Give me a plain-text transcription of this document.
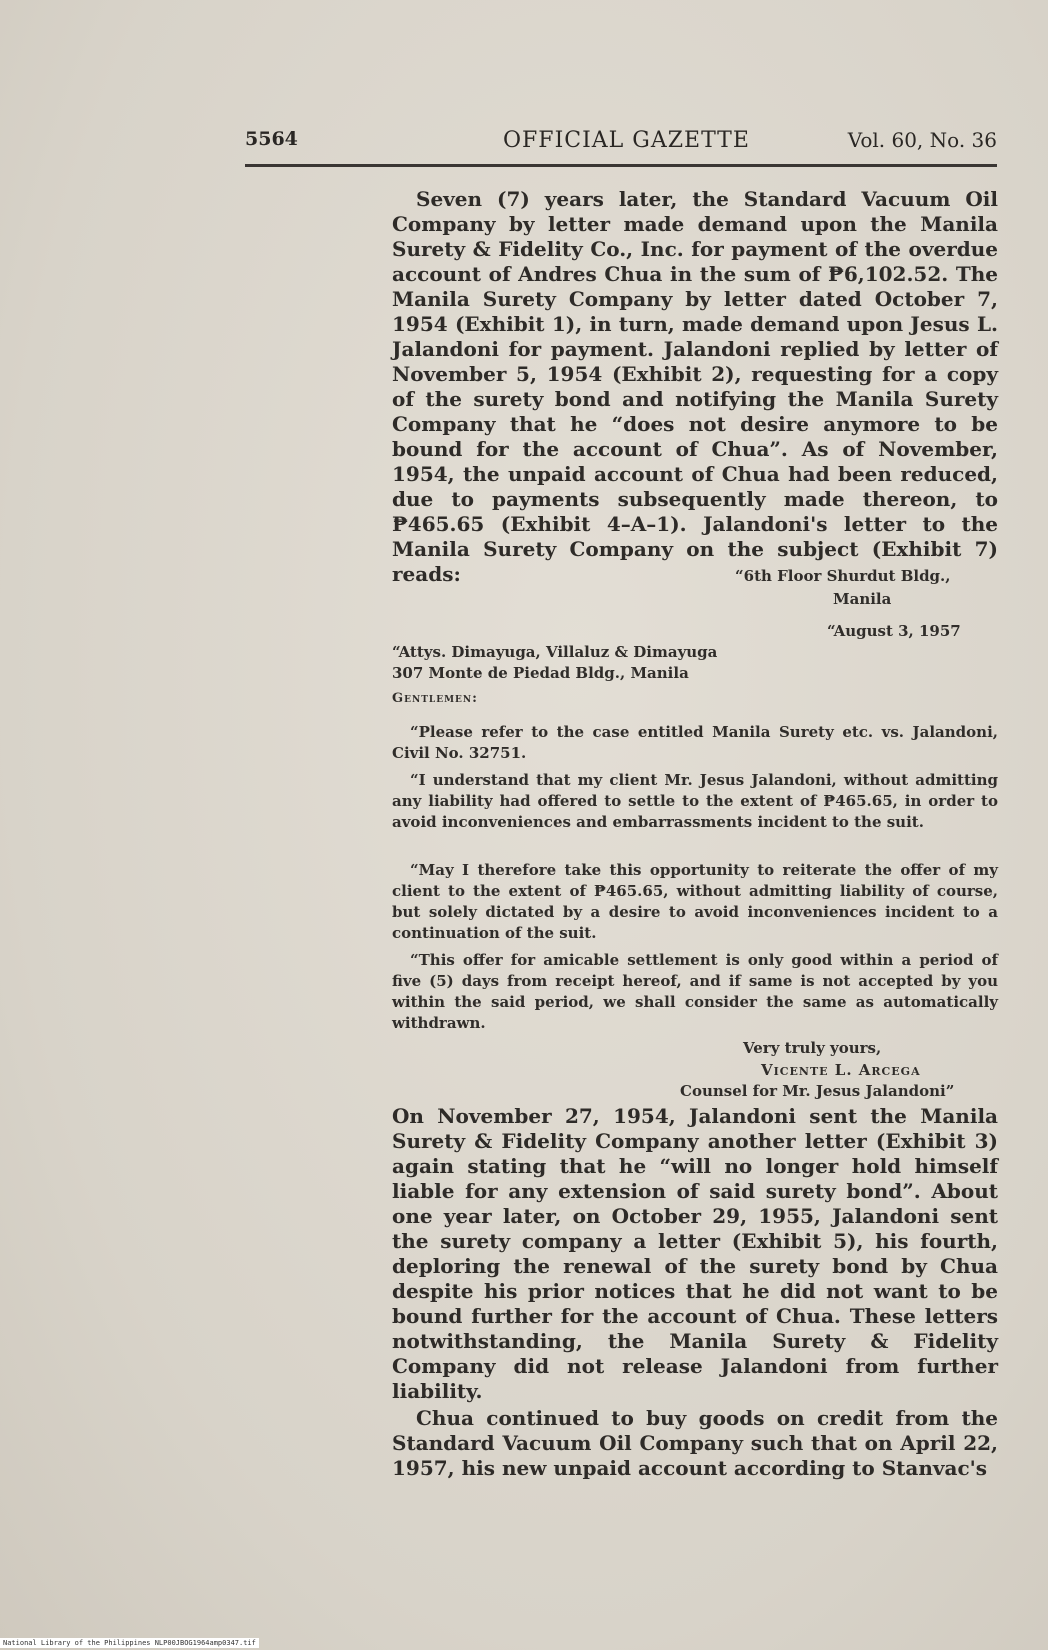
5564	OFFICIAL GAZETTE	Vol. 60, No. 36

Seven (7) years later, the Standard Vacuum Oil Company by letter made demand upon the Manila Surety & Fidelity Co., Inc. for payment of the overdue account of Andres Chua in the sum of ₱6,102.52. The Manila Surety Company by letter dated October 7, 1954 (Exhibit 1), in turn, made demand upon Jesus L. Jalandoni for payment. Jalandoni replied by letter of November 5, 1954 (Exhibit 2), requesting for a copy of the surety bond and notifying the Manila Surety Company that he “does not desire anymore to be bound for the account of Chua”. As of November, 1954, the unpaid account of Chua had been reduced, due to payments subsequently made thereon, to ₱465.65 (Exhibit 4–A–1). Jalandoni's letter to the Manila Surety Company on the subject (Exhibit 7) reads:	“6th Floor Shurdut Bldg.,
Manila
“August 3, 1957
“Attys. Dimayuga, Villaluz & Dimayuga
307 Monte de Piedad Bldg., Manila
Gentlemen:

“Please refer to the case entitled Manila Surety etc. vs. Jalandoni, Civil No. 32751.

“I understand that my client Mr. Jesus Jalandoni, without admitting any liability had offered to settle to the extent of ₱465.65, in order to avoid inconveniences and embarrassments incident to the suit.

“May I therefore take this opportunity to reiterate the offer of my client to the extent of ₱465.65, without admitting liability of course, but solely dictated by a desire to avoid inconveniences incident to a continuation of the suit.

“This offer for amicable settlement is only good within a period of five (5) days from receipt hereof, and if same is not accepted by you within the said period, we shall consider the same as automatically withdrawn.

Very truly yours,
Vicente L. Arcega
Counsel for Mr. Jesus Jalandoni”

On November 27, 1954, Jalandoni sent the Manila Surety & Fidelity Company another letter (Exhibit 3) again stating that he “will no longer hold himself liable for any extension of said surety bond”. About one year later, on October 29, 1955, Jalandoni sent the surety company a letter (Exhibit 5), his fourth, deploring the renewal of the surety bond by Chua despite his prior notices that he did not want to be bound further for the account of Chua. These letters notwithstanding, the Manila Surety & Fidelity Company did not release Jalandoni from further liability.

Chua continued to buy goods on credit from the Standard Vacuum Oil Company such that on April 22, 1957, his new unpaid account according to Stanvac's

National Library of the Philippines NLP00JBOG1964amp0347.tif
